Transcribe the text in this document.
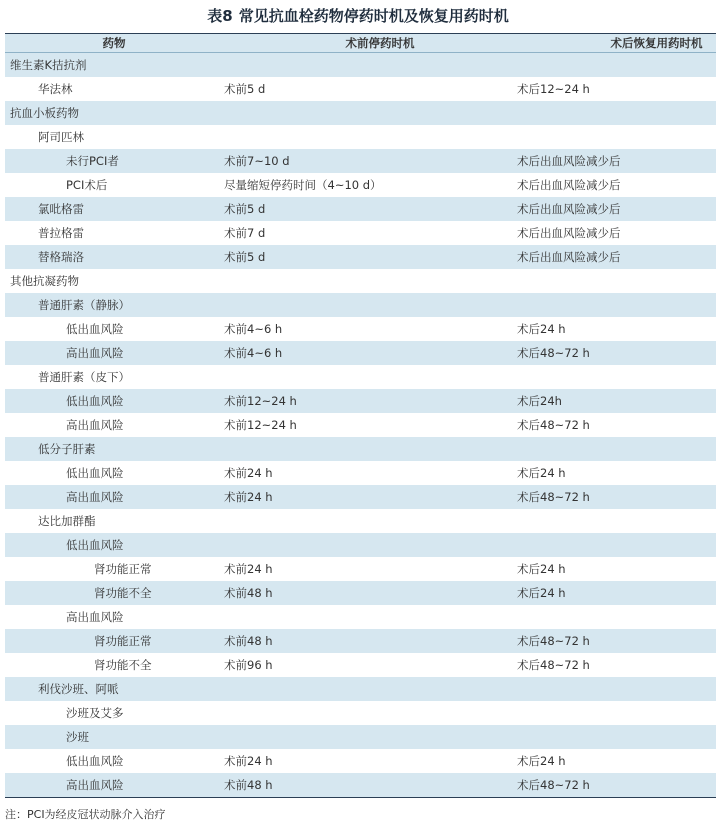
表8 常见抗血栓药物停药时机及恢复用药时机
药物	术前停药时机	术后恢复用药时机
维生素K拮抗剂
华法林	术前5 d	术后12~24 h
抗血小板药物
阿司匹林
未行PCI者	术前7~10 d	术后出血风险减少后
PCI术后	尽量缩短停药时间（4~10 d）	术后出血风险减少后
氯吡格雷	术前5 d	术后出血风险减少后
普拉格雷	术前7 d	术后出血风险减少后
替格瑞洛	术前5 d	术后出血风险减少后
其他抗凝药物
普通肝素（静脉）
低出血风险	术前4~6 h	术后24 h
高出血风险	术前4~6 h	术后48~72 h
普通肝素（皮下）
低出血风险	术前12~24 h	术后24h
高出血风险	术前12~24 h	术后48~72 h
低分子肝素
低出血风险	术前24 h	术后24 h
高出血风险	术前24 h	术后48~72 h
达比加群酯
低出血风险
肾功能正常	术前24 h	术后24 h
肾功能不全	术前48 h	术后24 h
高出血风险
肾功能正常	术前48 h	术后48~72 h
肾功能不全	术前96 h	术后48~72 h
利伐沙班、阿哌
沙班及艾多
沙班
低出血风险	术前24 h	术后24 h
高出血风险	术前48 h	术后48~72 h
注：PCI为经皮冠状动脉介入治疗
